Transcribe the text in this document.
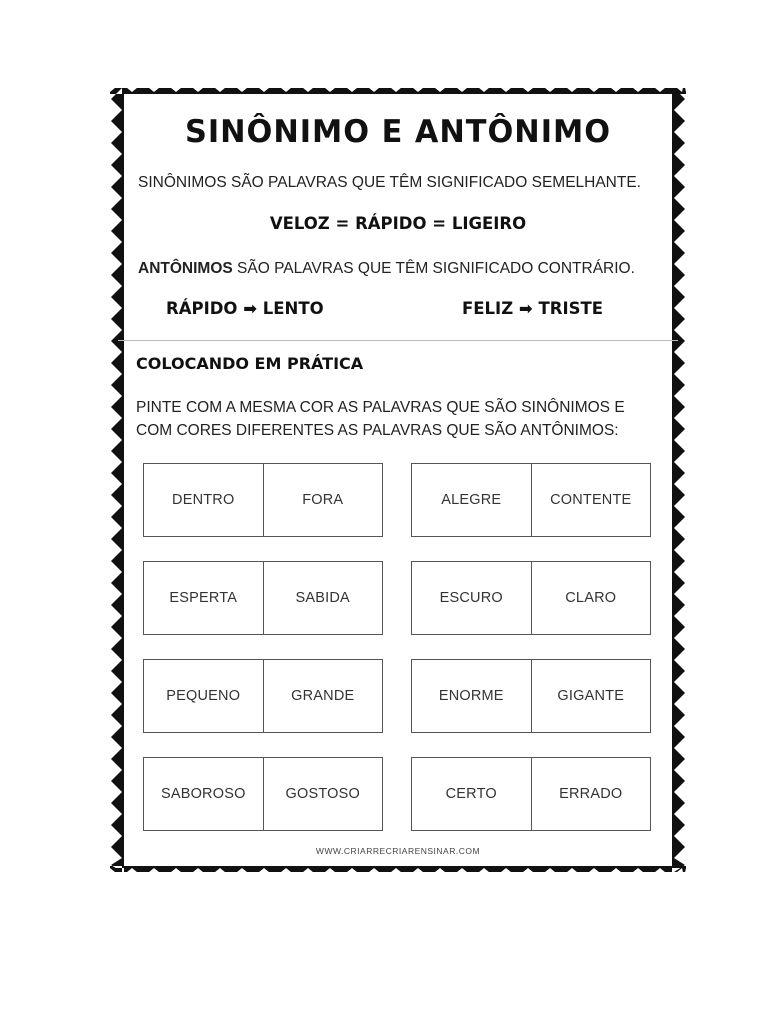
SINÔNIMO E ANTÔNIMO
SINÔNIMOS SÃO PALAVRAS QUE TÊM SIGNIFICADO SEMELHANTE.
VELOZ = RÁPIDO = LIGEIRO
ANTÔNIMOS SÃO PALAVRAS QUE TÊM SIGNIFICADO CONTRÁRIO.
RÁPIDO ➡ LENTO	FELIZ ➡ TRISTE
COLOCANDO EM PRÁTICA
PINTE COM A MESMA COR AS PALAVRAS QUE SÃO SINÔNIMOS E
COM CORES DIFERENTES AS PALAVRAS QUE SÃO ANTÔNIMOS:
DENTRO	FORA	ALEGRE	CONTENTE
ESPERTA	SABIDA	ESCURO	CLARO
PEQUENO	GRANDE	ENORME	GIGANTE
SABOROSO	GOSTOSO	CERTO	ERRADO
WWW.CRIARRECRIARENSINAR.COM
